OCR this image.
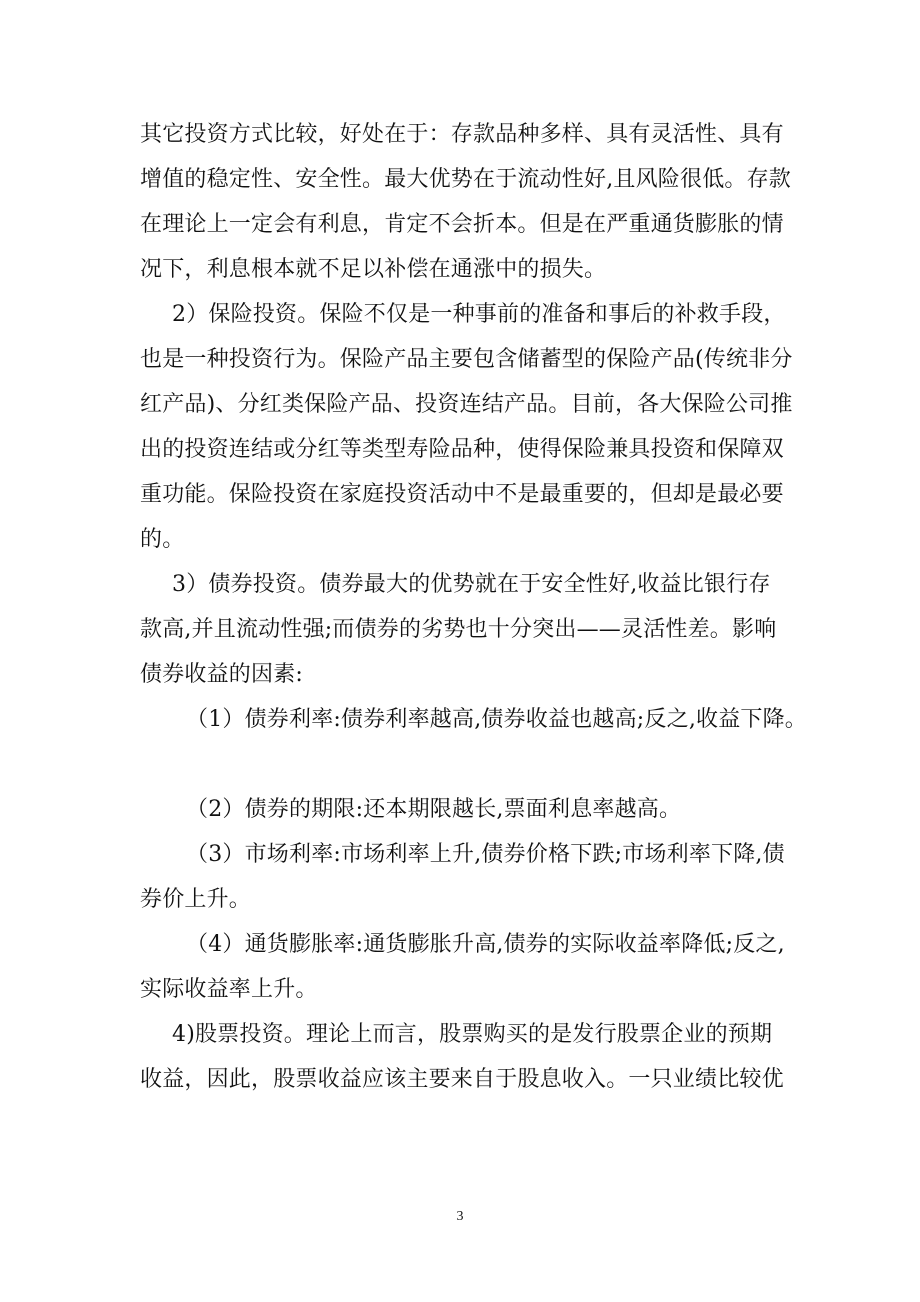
其它投资方式比较，好处在于：存款品种多样、具有灵活性、具有
增值的稳定性、安全性。最大优势在于流动性好,且风险很低。存款
在理论上一定会有利息，肯定不会折本。但是在严重通货膨胀的情
况下，利息根本就不足以补偿在通涨中的损失。
2）保险投资。保险不仅是一种事前的准备和事后的补救手段，
也是一种投资行为。保险产品主要包含储蓄型的保险产品(传统非分
红产品)、分红类保险产品、投资连结产品。目前，各大保险公司推
出的投资连结或分红等类型寿险品种，使得保险兼具投资和保障双
重功能。保险投资在家庭投资活动中不是最重要的，但却是最必要
的。
3）债券投资。债券最大的优势就在于安全性好,收益比银行存
款高,并且流动性强;而债券的劣势也十分突出——灵活性差。影响
债券收益的因素:
（1）债券利率:债券利率越高,债券收益也越高;反之,收益下降。
（2）债券的期限:还本期限越长,票面利息率越高。
（3）市场利率:市场利率上升,债券价格下跌;市场利率下降,债
券价上升。
（4）通货膨胀率:通货膨胀升高,债券的实际收益率降低;反之,
实际收益率上升。
4)股票投资。理论上而言，股票购买的是发行股票企业的预期
收益，因此，股票收益应该主要来自于股息收入。一只业绩比较优
3
